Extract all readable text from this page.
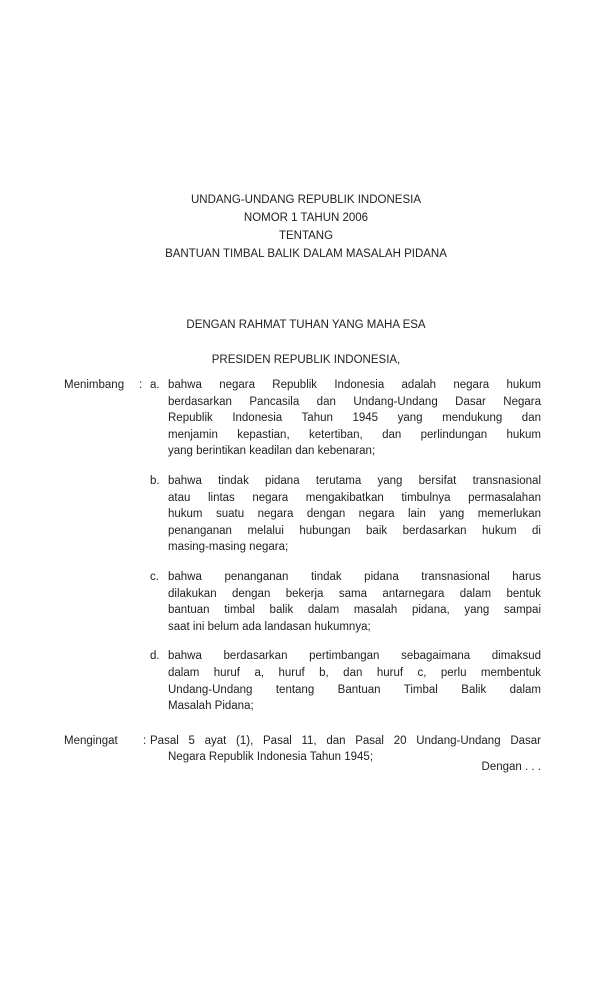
UNDANG-UNDANG REPUBLIK INDONESIA
NOMOR 1 TAHUN 2006
TENTANG
BANTUAN TIMBAL BALIK DALAM MASALAH PIDANA
DENGAN RAHMAT TUHAN YANG MAHA ESA
PRESIDEN REPUBLIK INDONESIA,
Menimbang : a. bahwa negara Republik Indonesia adalah negara hukum
berdasarkan Pancasila dan Undang-Undang Dasar Negara
Republik Indonesia Tahun 1945 yang mendukung dan
menjamin kepastian, ketertiban, dan perlindungan hukum
yang berintikan keadilan dan kebenaran;
b. bahwa tindak pidana terutama yang bersifat transnasional
atau lintas negara mengakibatkan timbulnya permasalahan
hukum suatu negara dengan negara lain yang memerlukan
penanganan melalui hubungan baik berdasarkan hukum di
masing-masing negara;
c. bahwa penanganan tindak pidana transnasional harus
dilakukan dengan bekerja sama antarnegara dalam bentuk
bantuan timbal balik dalam masalah pidana, yang sampai
saat ini belum ada landasan hukumnya;
d. bahwa berdasarkan pertimbangan sebagaimana dimaksud
dalam huruf a, huruf b, dan huruf c, perlu membentuk
Undang-Undang tentang Bantuan Timbal Balik dalam
Masalah Pidana;
Mengingat : Pasal 5 ayat (1), Pasal 11, dan Pasal 20 Undang-Undang Dasar
Negara Republik Indonesia Tahun 1945;
Dengan . . .
